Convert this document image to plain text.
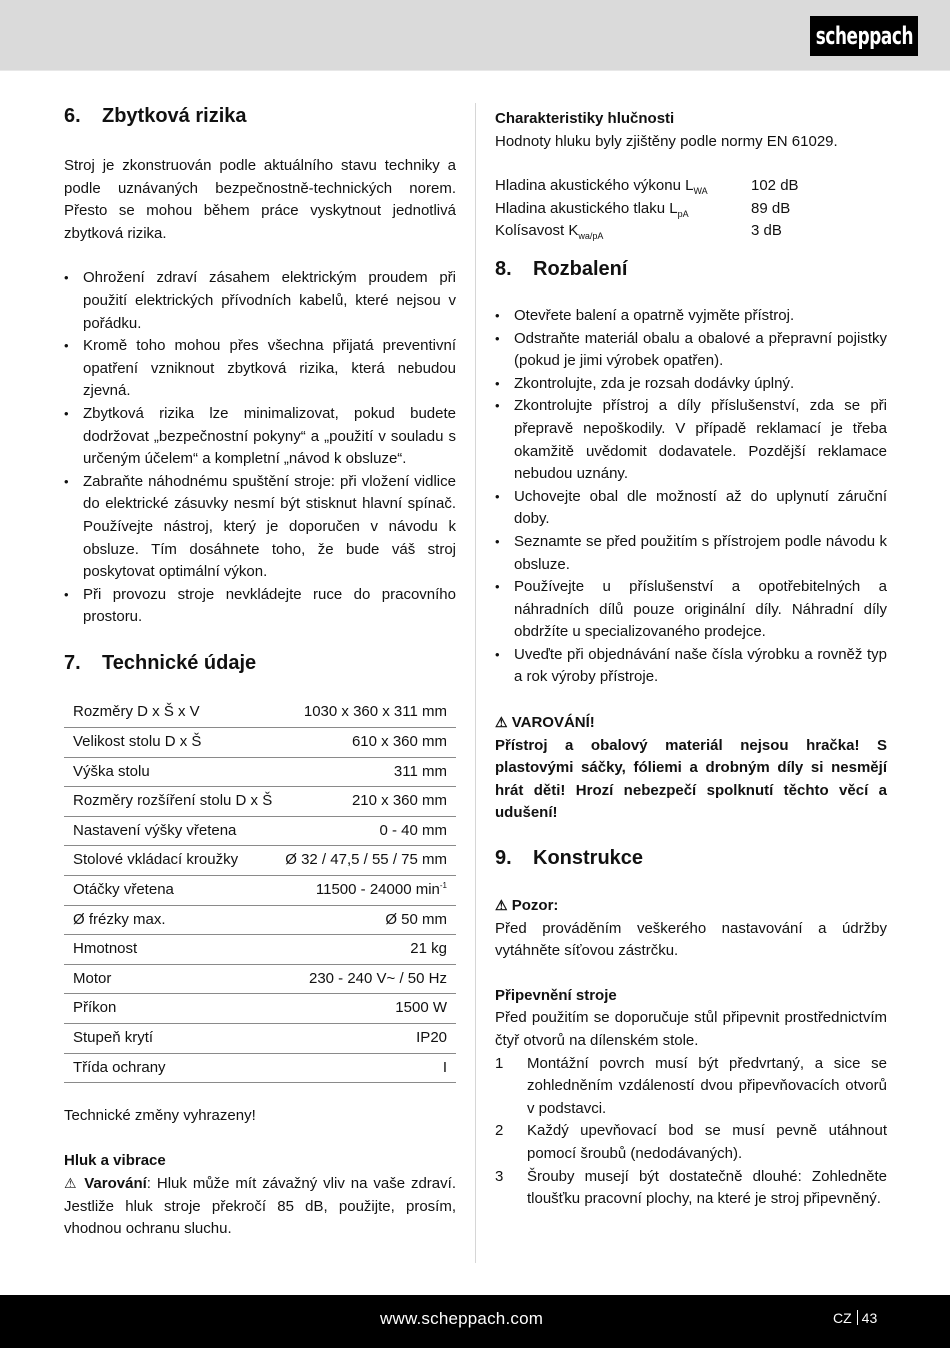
scheppach
6.	Zbytková rizika

Stroj je zkonstruován podle aktuálního stavu techniky a podle uznávaných bezpečnostně-technických norem. Přesto se mohou během práce vyskytnout jednotlivá zbytková rizika.

• Ohrožení zdraví zásahem elektrickým proudem při použití elektrických přívodních kabelů, které nejsou v pořádku.
• Kromě toho mohou přes všechna přijatá preventivní opatření vzniknout zbytková rizika, která nebudou zjevná.
• Zbytková rizika lze minimalizovat, pokud budete dodržovat „bezpečnostní pokyny“ a „použití v souladu s určeným účelem“ a kompletní „návod k obsluze“.
• Zabraňte náhodnému spuštění stroje: při vložení vidlice do elektrické zásuvky nesmí být stisknut hlavní spínač. Používejte nástroj, který je doporučen v návodu k obsluze. Tím dosáhnete toho, že bude váš stroj poskytovat optimální výkon.
• Při provozu stroje nevkládejte ruce do pracovního prostoru.
7.	Technické údaje
Rozměry D x Š x V	1030 x 360 x 311 mm
Velikost stolu D x Š	610 x 360 mm
Výška stolu	311 mm
Rozměry rozšíření stolu D x Š	210 x 360 mm
Nastavení výšky vřetena	0 - 40 mm
Stolové vkládací kroužky	Ø 32 / 47,5 / 55 / 75 mm
Otáčky vřetena	11500 - 24000 $\min^{-1}$
Ø frézky max.	Ø 50 mm
Hmotnost	21 kg
Motor	230 - 240 V~ / 50 Hz
Příkon	1500 W
Stupeň krytí	IP20
Třída ochrany	I

Technické změny vyhrazeny!

Hluk a vibrace

⚠ Varování: Hluk může mít závažný vliv na vaše zdraví. Jestliže hluk stroje překročí 85 dB, použijte, prosím, vhodnou ochranu sluchu.

Charakteristiky hlučnosti

Hodnoty hluku byly zjištěny podle normy EN 61029.

Hladina akustického výkonu $L_{WA}$	102 dB
Hladina akustického tlaku $L_{pA}$	89 dB
Kolísavost $K_{wa/pA}$	3 dB
8.	Rozbalení
• Otevřete balení a opatrně vyjměte přístroj.
• Odstraňte materiál obalu a obalové a přepravní pojistky (pokud je jimi výrobek opatřen).
• Zkontrolujte, zda je rozsah dodávky úplný.
• Zkontrolujte přístroj a díly příslušenství, zda se při přepravě nepoškodily. V případě reklamací je třeba okamžitě uvědomit dodavatele. Pozdější reklamace nebudou uznány.
• Uchovejte obal dle možností až do uplynutí záruční doby.
• Seznamte se před použitím s přístrojem podle návodu k obsluze.
• Používejte u příslušenství a opotřebitelných a náhradních dílů pouze originální díly. Náhradní díly obdržíte u specializovaného prodejce.
• Uveďte při objednávání naše čísla výrobku a rovněž typ a rok výroby přístroje.

⚠ VAROVÁNÍ!

Přístroj a obalový materiál nejsou hračka! S plastovými sáčky, fóliemi a drobným díly si nesmějí hrát děti! Hrozí nebezpečí spolknutí těchto věcí a udušení!

9.	Konstrukce

⚠ Pozor:

Před prováděním veškerého nastavování a údržby vytáhněte síťovou zástrčku.

Připevnění stroje

Před použitím se doporučuje stůl připevnit prostřednictvím čtyř otvorů na dílenském stole.

1 Montážní povrch musí být předvrtaný, a sice se zohledněním vzdáleností dvou připevňovacích otvorů v podstavci.
2 Každý upevňovací bod se musí pevně utáhnout pomocí šroubů (nedodávaných).
3 Šrouby musejí být dostatečně dlouhé: Zohledněte tloušťku pracovní plochy, na které je stroj připevněný.
www.scheppach.com	CZ 43
